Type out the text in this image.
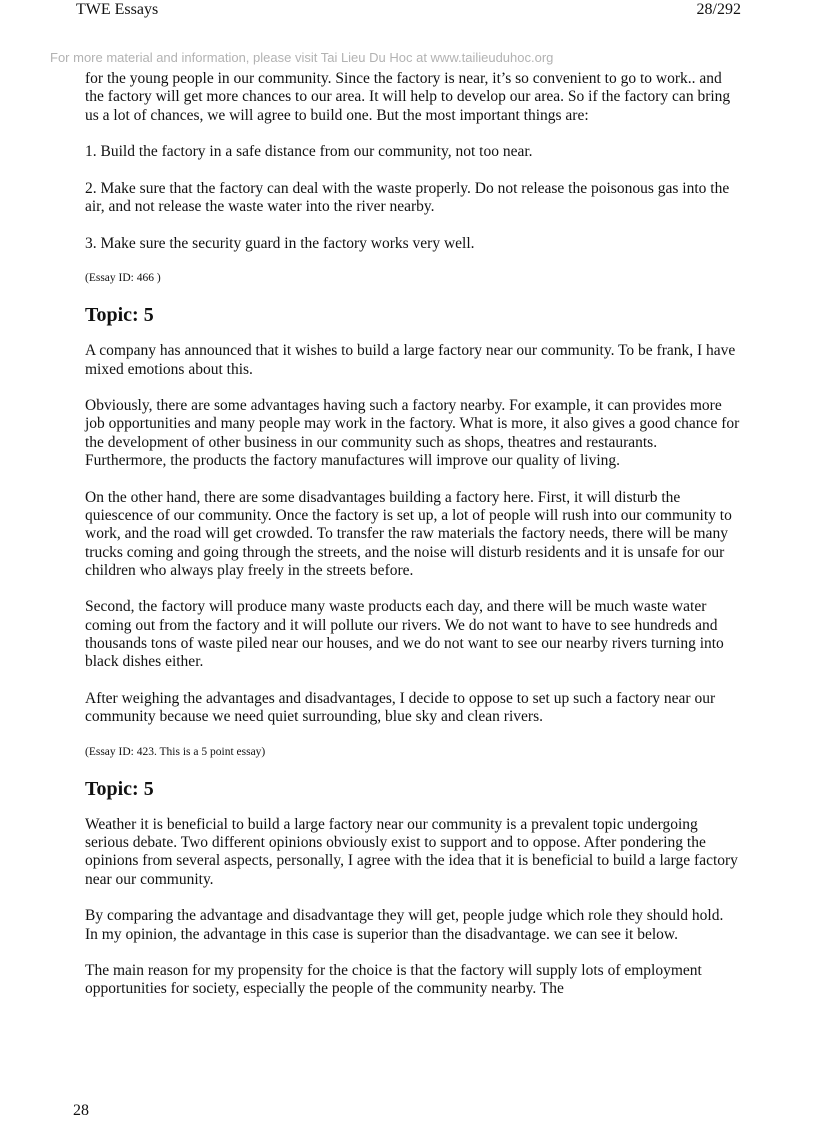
TWE Essays	28/292
For more material and information, please visit Tai Lieu Du Hoc at www.tailieuduhoc.org

for the young people in our community. Since the factory is near, it’s so convenient to go to work.. and the factory will get more chances to our area. It will help to develop our area. So if the factory can bring us a lot of chances, we will agree to build one. But the most important things are:

1. Build the factory in a safe distance from our community, not too near.

2. Make sure that the factory can deal with the waste properly. Do not release the poisonous gas into the air, and not release the waste water into the river nearby.

3. Make sure the security guard in the factory works very well.

(Essay ID: 466 )

Topic: 5

A company has announced that it wishes to build a large factory near our community. To be frank, I have mixed emotions about this.

Obviously, there are some advantages having such a factory nearby. For example, it can provides more job opportunities and many people may work in the factory. What is more, it also gives a good chance for the development of other business in our community such as shops, theatres and restaurants. Furthermore, the products the factory manufactures will improve our quality of living.

On the other hand, there are some disadvantages building a factory here. First, it will disturb the quiescence of our community. Once the factory is set up, a lot of people will rush into our community to work, and the road will get crowded. To transfer the raw materials the factory needs, there will be many trucks coming and going through the streets, and the noise will disturb residents and it is unsafe for our children who always play freely in the streets before.

Second, the factory will produce many waste products each day, and there will be much waste water coming out from the factory and it will pollute our rivers. We do not want to have to see hundreds and thousands tons of waste piled near our houses, and we do not want to see our nearby rivers turning into black dishes either.

After weighing the advantages and disadvantages, I decide to oppose to set up such a factory near our community because we need quiet surrounding, blue sky and clean rivers.

(Essay ID: 423. This is a 5 point essay)

Topic: 5

Weather it is beneficial to build a large factory near our community is a prevalent topic undergoing serious debate. Two different opinions obviously exist to support and to oppose. After pondering the opinions from several aspects, personally, I agree with the idea that it is beneficial to build a large factory near our community.

By comparing the advantage and disadvantage they will get, people judge which role they should hold. In my opinion, the advantage in this case is superior than the disadvantage. we can see it below.

The main reason for my propensity for the choice is that the factory will supply lots of employment opportunities for society, especially the people of the community nearby. The

28
